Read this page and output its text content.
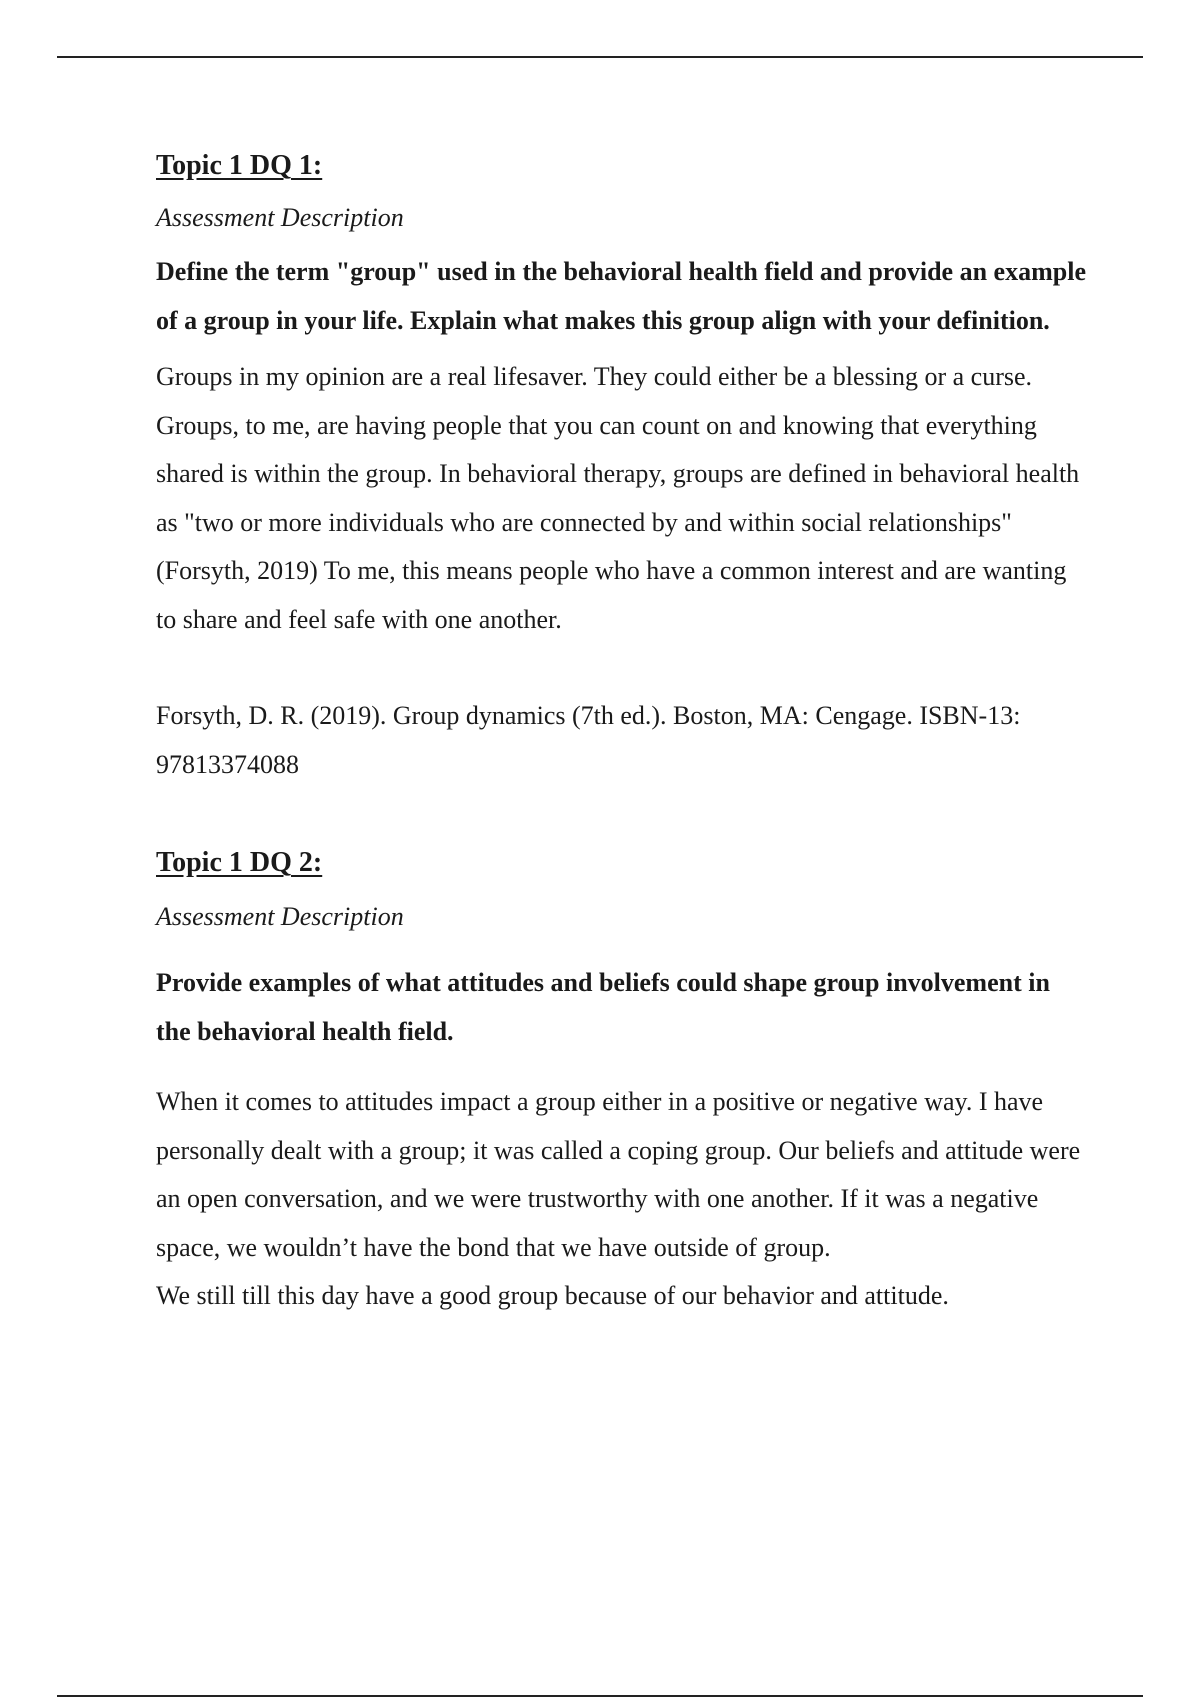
Topic 1 DQ 1:

Assessment Description

Define the term "group" used in the behavioral health field and provide an example of a group in your life. Explain what makes this group align with your definition.

Groups in my opinion are a real lifesaver. They could either be a blessing or a curse. Groups, to me, are having people that you can count on and knowing that everything shared is within the group. In behavioral therapy, groups are defined in behavioral health as "two or more individuals who are connected by and within social relationships" (Forsyth, 2019) To me, this means people who have a common interest and are wanting to share and feel safe with one another.

Forsyth, D. R. (2019). Group dynamics (7th ed.). Boston, MA: Cengage. ISBN-13: 97813374088

Topic 1 DQ 2:

Assessment Description

Provide examples of what attitudes and beliefs could shape group involvement in the behavioral health field.

When it comes to attitudes impact a group either in a positive or negative way. I have personally dealt with a group; it was called a coping group. Our beliefs and attitude were an open conversation, and we were trustworthy with one another. If it was a negative space, we wouldn’t have the bond that we have outside of group.

We still till this day have a good group because of our behavior and attitude.
